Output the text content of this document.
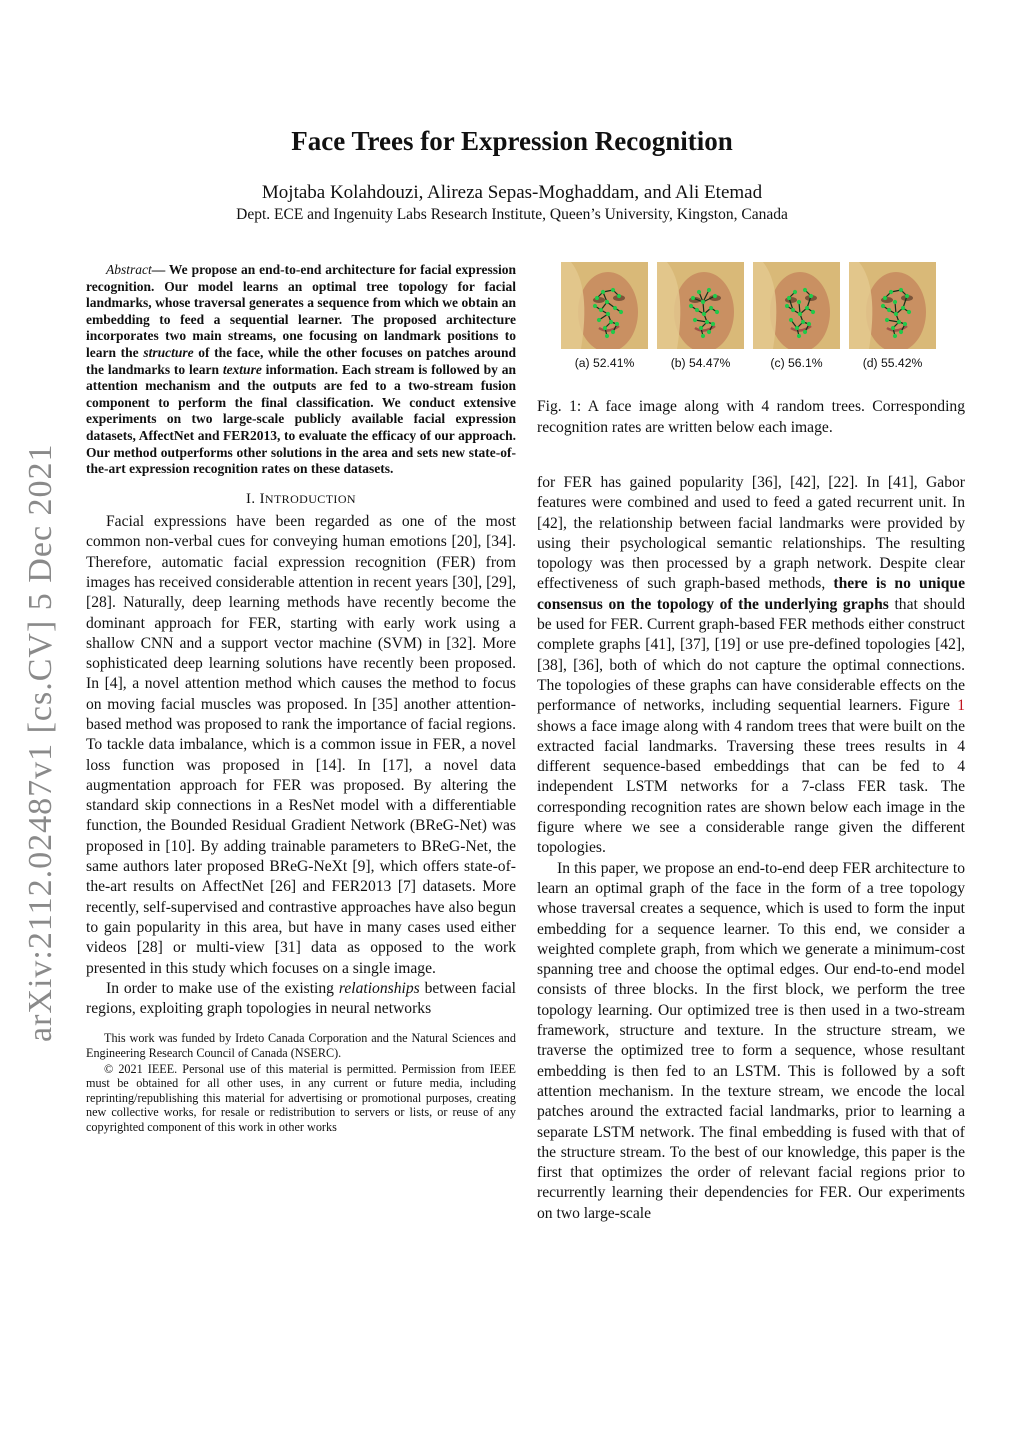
arXiv:2112.02487v1 [cs.CV] 5 Dec 2021
Face Trees for Expression Recognition
Mojtaba Kolahdouzi, Alireza Sepas-Moghaddam, and Ali Etemad
Dept. ECE and Ingenuity Labs Research Institute, Queen’s University, Kingston, Canada

Abstract— We propose an end-to-end architecture for facial expression recognition. Our model learns an optimal tree topology for facial landmarks, whose traversal generates a sequence from which we obtain an embedding to feed a sequential learner. The proposed architecture incorporates two main streams, one focusing on landmark positions to learn the structure of the face, while the other focuses on patches around the landmarks to learn texture information. Each stream is followed by an attention mechanism and the outputs are fed to a two-stream fusion component to perform the final classification. We conduct extensive experiments on two large-scale publicly available facial expression datasets, AffectNet and FER2013, to evaluate the efficacy of our approach. Our method outperforms other solutions in the area and sets new state-of-the-art expression recognition rates on these datasets.

I. INTRODUCTION

Facial expressions have been regarded as one of the most common non-verbal cues for conveying human emotions [20], [34]. Therefore, automatic facial expression recognition (FER) from images has received considerable attention in recent years [30], [29], [28]. Naturally, deep learning methods have recently become the dominant approach for FER, starting with early work using a shallow CNN and a support vector machine (SVM) in [32]. More sophisticated deep learning solutions have recently been proposed. In [4], a novel attention method which causes the method to focus on moving facial muscles was proposed. In [35] another attention-based method was proposed to rank the importance of facial regions. To tackle data imbalance, which is a common issue in FER, a novel loss function was proposed in [14]. In [17], a novel data augmentation approach for FER was proposed. By altering the standard skip connections in a ResNet model with a differentiable function, the Bounded Residual Gradient Network (BReG-Net) was proposed in [10]. By adding trainable parameters to BReG-Net, the same authors later proposed BReG-NeXt [9], which offers state-of-the-art results on AffectNet [26] and FER2013 [7] datasets. More recently, self-supervised and contrastive approaches have also begun to gain popularity in this area, but have in many cases used either videos [28] or multi-view [31] data as opposed to the work presented in this study which focuses on a single image.

In order to make use of the existing relationships between facial regions, exploiting graph topologies in neural networks

This work was funded by Irdeto Canada Corporation and the Natural Sciences and Engineering Research Council of Canada (NSERC).

© 2021 IEEE. Personal use of this material is permitted. Permission from IEEE must be obtained for all other uses, in any current or future media, including reprinting/republishing this material for advertising or promotional purposes, creating new collective works, for resale or redistribution to servers or lists, or reuse of any copyrighted component of this work in other works

(a) 52.41%	(b) 54.47%	(c) 56.1%	(d) 55.42%
Fig. 1: A face image along with 4 random trees. Corresponding recognition rates are written below each image.

for FER has gained popularity [36], [42], [22]. In [41], Gabor features were combined and used to feed a gated recurrent unit. In [42], the relationship between facial landmarks were provided by using their psychological semantic relationships. The resulting topology was then processed by a graph network. Despite clear effectiveness of such graph-based methods, there is no unique consensus on the topology of the underlying graphs that should be used for FER. Current graph-based FER methods either construct complete graphs [41], [37], [19] or use pre-defined topologies [42], [38], [36], both of which do not capture the optimal connections. The topologies of these graphs can have considerable effects on the performance of networks, including sequential learners. Figure 1 shows a face image along with 4 random trees that were built on the extracted facial landmarks. Traversing these trees results in 4 different sequence-based embeddings that can be fed to 4 independent LSTM networks for a 7-class FER task. The corresponding recognition rates are shown below each image in the figure where we see a considerable range given the different topologies.

In this paper, we propose an end-to-end deep FER architecture to learn an optimal graph of the face in the form of a tree topology whose traversal creates a sequence, which is used to form the input embedding for a sequence learner. To this end, we consider a weighted complete graph, from which we generate a minimum-cost spanning tree and choose the optimal edges. Our end-to-end model consists of three blocks. In the first block, we perform the tree topology learning. Our optimized tree is then used in a two-stream framework, structure and texture. In the structure stream, we traverse the optimized tree to form a sequence, whose resultant embedding is then fed to an LSTM. This is followed by a soft attention mechanism. In the texture stream, we encode the local patches around the extracted facial landmarks, prior to learning a separate LSTM network. The final embedding is fused with that of the structure stream. To the best of our knowledge, this paper is the first that optimizes the order of relevant facial regions prior to recurrently learning their dependencies for FER. Our experiments on two large-scale
